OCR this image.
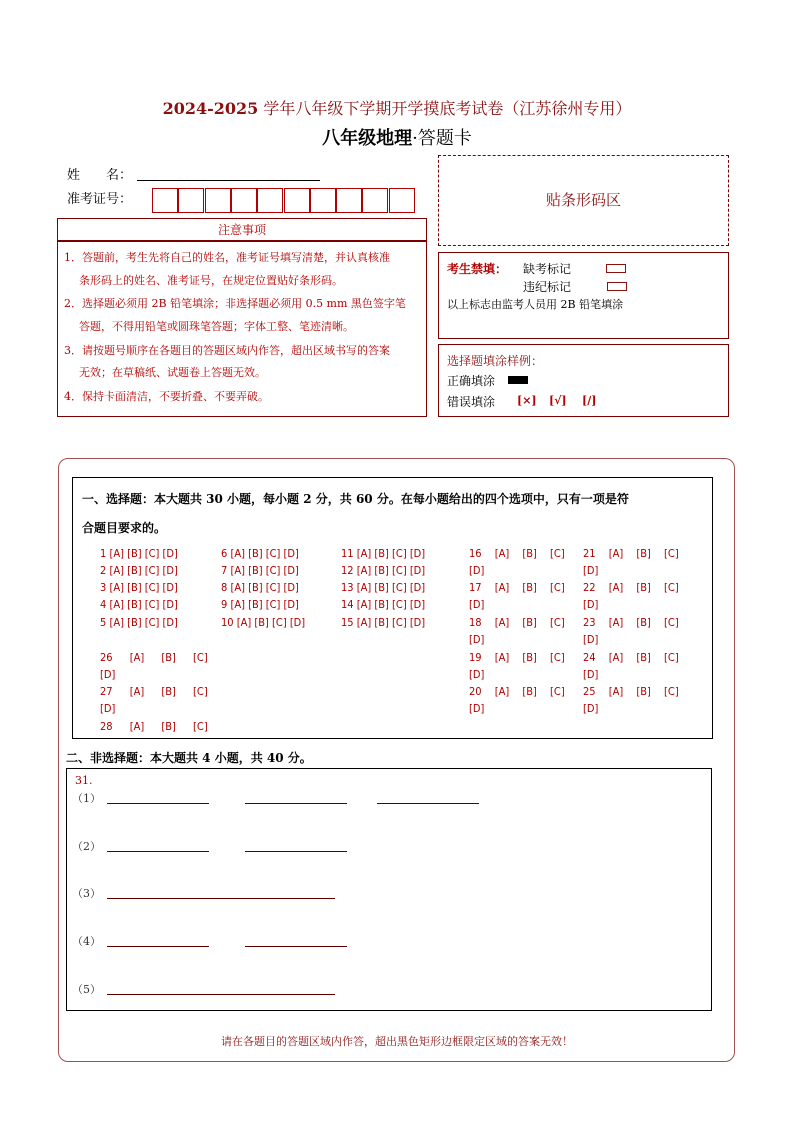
2024-2025 学年八年级下学期开学摸底考试卷（江苏徐州专用）
八年级地理·答题卡
姓　　名：
准考证号：
注意事项
贴条形码区
考生禁填： 缺考标记
违纪标记
以上标志由监考人员用 2B 铅笔填涂
选择题填涂样例：
正确填涂
错误填涂 [×] [√] [/]
一、选择题：本大题共 30 小题，每小题 2 分，共 60 分。在每小题给出的四个选项中，只有一项是符
合题目要求的。
二、非选择题：本大题共 4 小题，共 40 分。
31.
请在各题目的答题区域内作答，超出黑色矩形边框限定区域的答案无效！
1．答题前，考生先将自己的姓名，准考证号填写清楚，并认真核准
条形码上的姓名、准考证号，在规定位置贴好条形码。
2．选择题必须用 2B 铅笔填涂；非选择题必须用 0.5 mm 黑色签字笔
答题，不得用铅笔或圆珠笔答题；字体工整、笔迹清晰。
3．请按题号顺序在各题目的答题区域内作答，超出区域书写的答案
无效；在草稿纸、试题卷上答题无效。
4．保持卡面清洁，不要折叠、不要弄破。
1 [A] [B] [C] [D]
2 [A] [B] [C] [D]
3 [A] [B] [C] [D]
4 [A] [B] [C] [D]
5 [A] [B] [C] [D]
6 [A] [B] [C] [D]
7 [A] [B] [C] [D]
8 [A] [B] [C] [D]
9 [A] [B] [C] [D]
10 [A] [B] [C] [D]
11 [A] [B] [C] [D]
12 [A] [B] [C] [D]
13 [A] [B] [C] [D]
14 [A] [B] [C] [D]
15 [A] [B] [C] [D]
16 [A] [B] [C] [D]
17 [A] [B] [C] [D]
18 [A] [B] [C] [D]
19 [A] [B] [C] [D]
20 [A] [B] [C] [D]
21 [A] [B] [C] [D]
22 [A] [B] [C] [D]
23 [A] [B] [C] [D]
24 [A] [B] [C] [D]
25 [A] [B] [C] [D]
26 [A] [B] [C] [D]
27 [A] [B] [C] [D]
28 [A] [B] [C]
（1）
（2）
（3）
（4）
（5）
